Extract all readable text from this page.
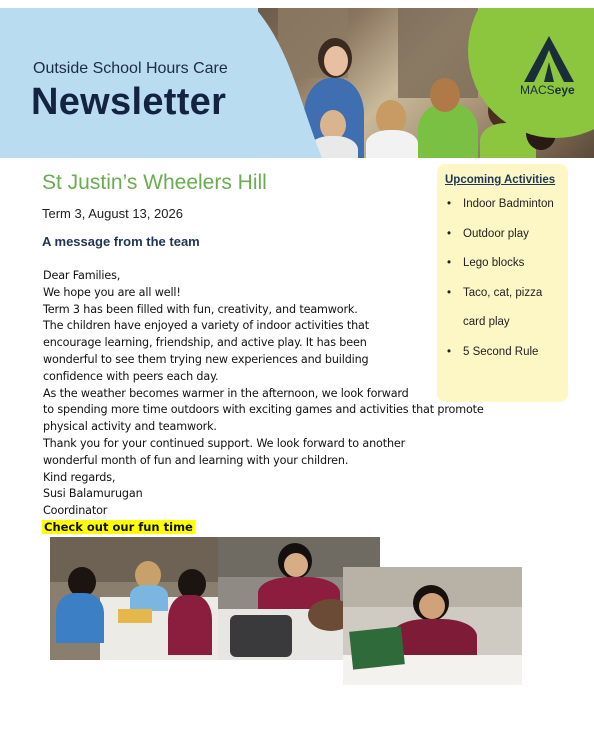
MACSeye
Outside School Hours Care
Newsletter
St Justin’s Wheelers Hill
Term 3, August 13, 2026
A message from the team
Dear Families,
We hope you are all well!
Term 3 has been filled with fun, creativity, and teamwork.
The children have enjoyed a variety of indoor activities that
encourage learning, friendship, and active play. It has been
wonderful to see them trying new experiences and building
confidence with peers each day.
As the weather becomes warmer in the afternoon, we look forward
to spending more time outdoors with exciting games and activities that promote
physical activity and teamwork.
Thank you for your continued support. We look forward to another
wonderful month of fun and learning with your children.
Kind regards,
Susi Balamurugan
Coordinator
Check out our fun time
Upcoming Activities
• Indoor Badminton
• Outdoor play
• Lego blocks
• Taco, cat, pizza
card play
• 5 Second Rule
